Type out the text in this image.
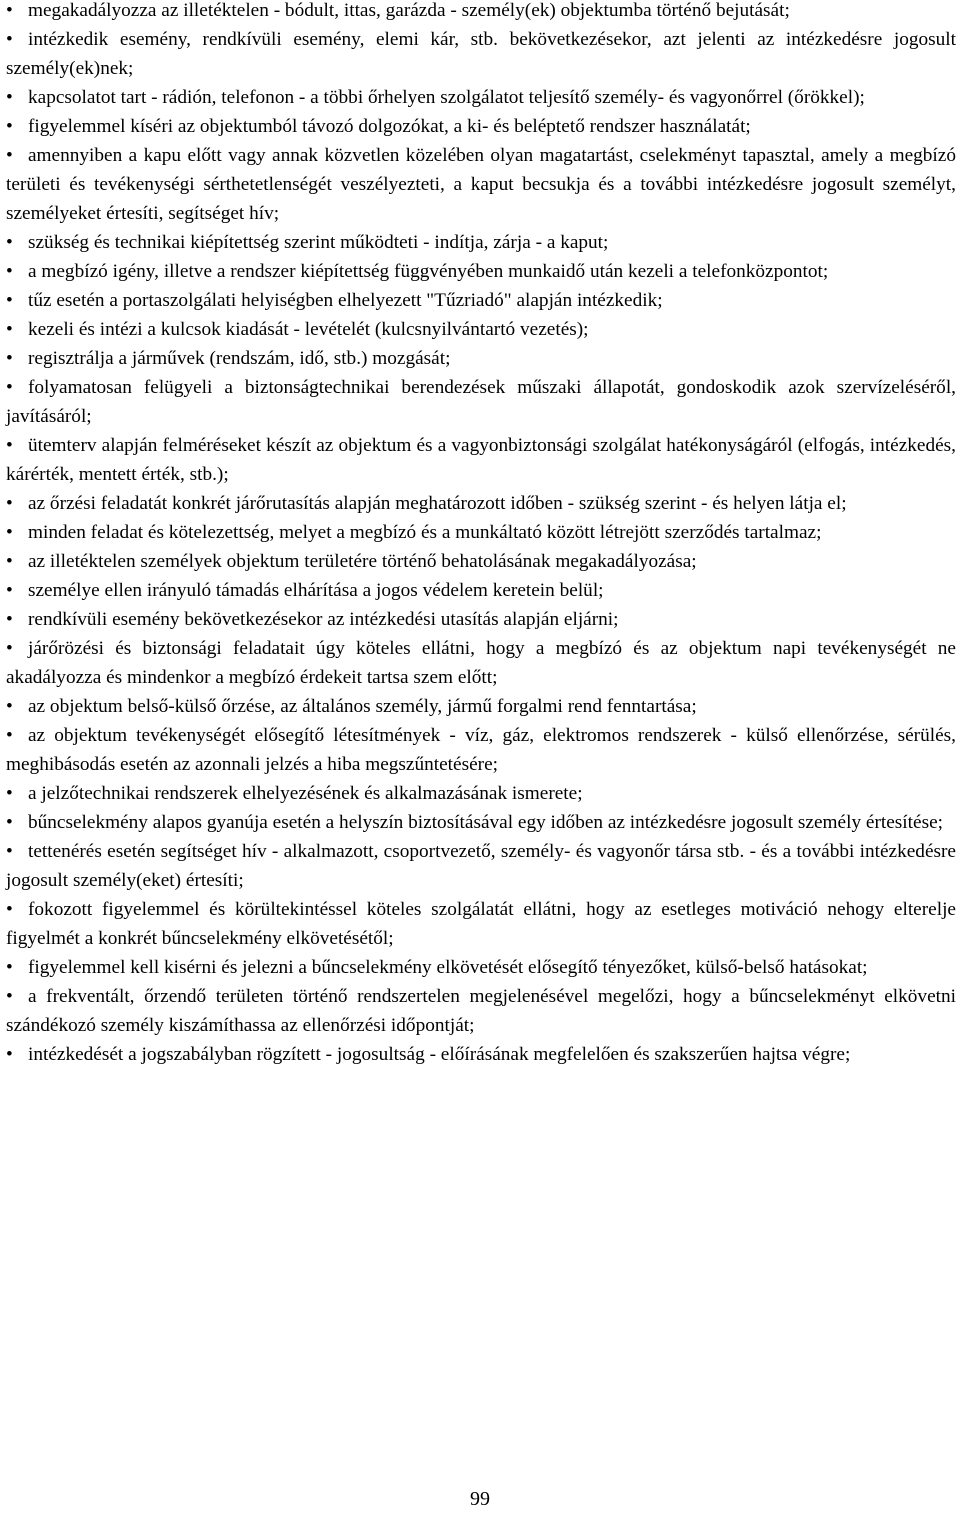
• megakadályozza az illetéktelen - bódult, ittas, garázda - személy(ek) objektumba történő bejutását;
• intézkedik esemény, rendkívüli esemény, elemi kár, stb. bekövetkezésekor, azt jelenti az intézkedésre jogosult személy(ek)nek;
• kapcsolatot tart - rádión, telefonon - a többi őrhelyen szolgálatot teljesítő személy- és vagyonőrrel (őrökkel);
• figyelemmel kíséri az objektumból távozó dolgozókat, a ki- és beléptető rendszer használatát;
• amennyiben a kapu előtt vagy annak közvetlen közelében olyan magatartást, cselekményt tapasztal, amely a megbízó területi és tevékenységi sérthetetlenségét veszélyezteti, a kaput becsukja és a további intézkedésre jogosult személyt, személyeket értesíti, segítséget hív;
• szükség és technikai kiépítettség szerint működteti - indítja, zárja - a kaput;
• a megbízó igény, illetve a rendszer kiépítettség függvényében munkaidő után kezeli a telefonközpontot;
• tűz esetén a portaszolgálati helyiségben elhelyezett "Tűzriadó" alapján intézkedik;
• kezeli és intézi a kulcsok kiadását - levételét (kulcsnyilvántartó vezetés);
• regisztrálja a járművek (rendszám, idő, stb.) mozgását;
• folyamatosan felügyeli a biztonságtechnikai berendezések műszaki állapotát, gondoskodik azok szervízeléséről, javításáról;
• ütemterv alapján felméréseket készít az objektum és a vagyonbiztonsági szolgálat hatékonyságáról (elfogás, intézkedés, kárérték, mentett érték, stb.);
• az őrzési feladatát konkrét járőrutasítás alapján meghatározott időben - szükség szerint - és helyen látja el;
• minden feladat és kötelezettség, melyet a megbízó és a munkáltató között létrejött szerződés tartalmaz;
• az illetéktelen személyek objektum területére történő behatolásának megakadályozása;
• személye ellen irányuló támadás elhárítása a jogos védelem keretein belül;
• rendkívüli esemény bekövetkezésekor az intézkedési utasítás alapján eljárni;
• járőrözési és biztonsági feladatait úgy köteles ellátni, hogy a megbízó és az objektum napi tevékenységét ne akadályozza és mindenkor a megbízó érdekeit tartsa szem előtt;
• az objektum belső-külső őrzése, az általános személy, jármű forgalmi rend fenntartása;
• az objektum tevékenységét elősegítő létesítmények - víz, gáz, elektromos rendszerek - külső ellenőrzése, sérülés, meghibásodás esetén az azonnali jelzés a hiba megszűntetésére;
• a jelzőtechnikai rendszerek elhelyezésének és alkalmazásának ismerete;
• bűncselekmény alapos gyanúja esetén a helyszín biztosításával egy időben az intézkedésre jogosult személy értesítése;
• tettenérés esetén segítséget hív - alkalmazott, csoportvezető, személy- és vagyonőr társa stb. - és a további intézkedésre jogosult személy(eket) értesíti;
• fokozott figyelemmel és körültekintéssel köteles szolgálatát ellátni, hogy az esetleges motiváció nehogy elterelje figyelmét a konkrét bűncselekmény elkövetésétől;
• figyelemmel kell kisérni és jelezni a bűncselekmény elkövetését elősegítő tényezőket, külső-belső hatásokat;
• a frekventált, őrzendő területen történő rendszertelen megjelenésével megelőzi, hogy a bűncselekményt elkövetni szándékozó személy kiszámíthassa az ellenőrzési időpontját;
• intézkedését a jogszabályban rögzített - jogosultság - előírásának megfelelően és szakszerűen hajtsa végre;
99
